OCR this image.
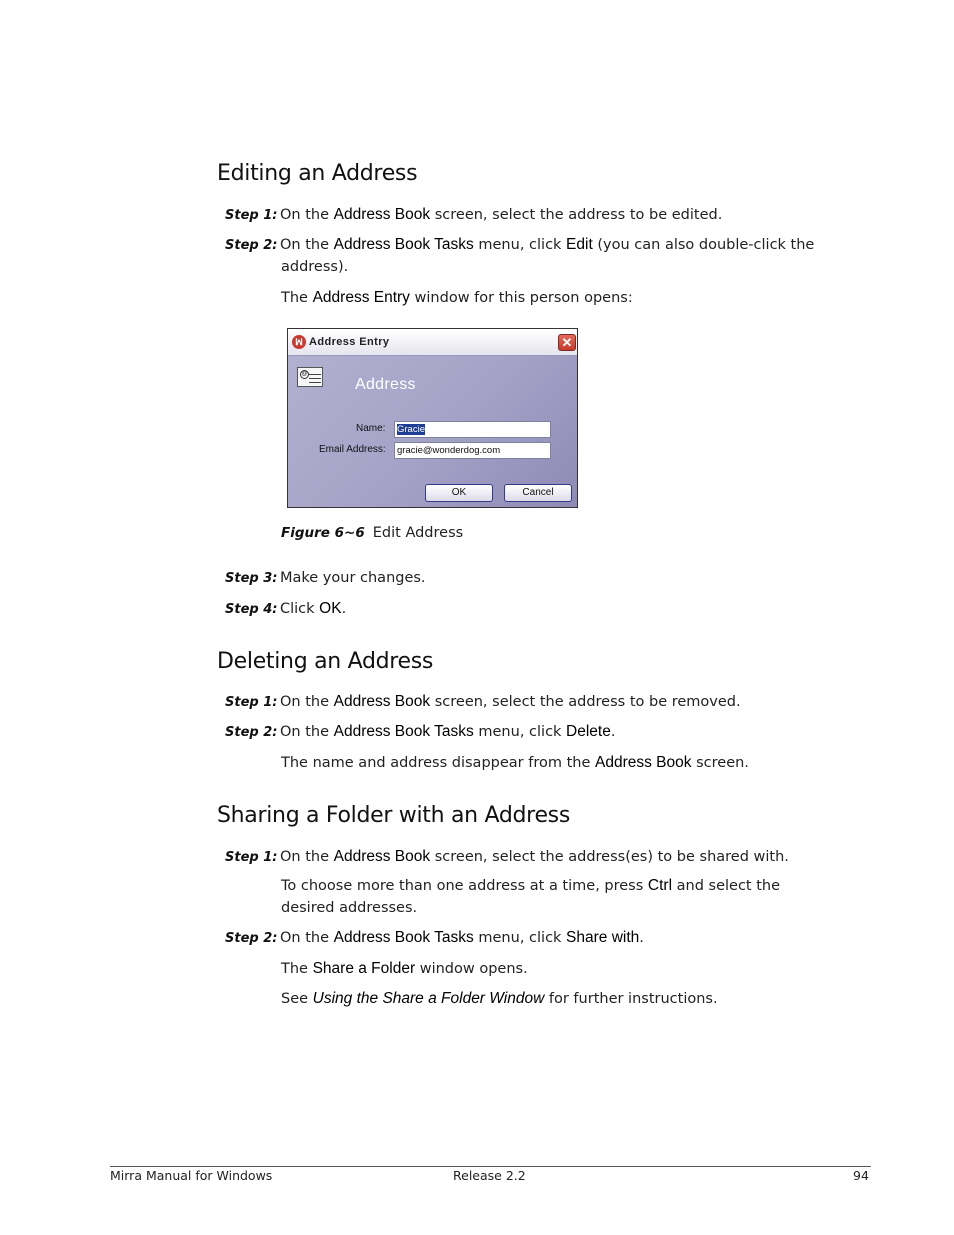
Editing an Address
Step 1: On the Address Book screen, select the address to be edited.
Step 2: On the Address Book Tasks menu, click Edit (you can also double-click the
address).
The Address Entry window for this person opens:
ꟽ Address Entry	✕
@
Address
Name:	Gracie
Email Address:	gracie@wonderdog.com
OK	Cancel
Figure 6~6 Edit Address
Step 3: Make your changes.
Step 4: Click OK.
Deleting an Address
Step 1: On the Address Book screen, select the address to be removed.
Step 2: On the Address Book Tasks menu, click Delete.
The name and address disappear from the Address Book screen.
Sharing a Folder with an Address
Step 1: On the Address Book screen, select the address(es) to be shared with.
To choose more than one address at a time, press Ctrl and select the
desired addresses.
Step 2: On the Address Book Tasks menu, click Share with.
The Share a Folder window opens.
See Using the Share a Folder Window for further instructions.
Mirra Manual for Windows	Release 2.2	94
